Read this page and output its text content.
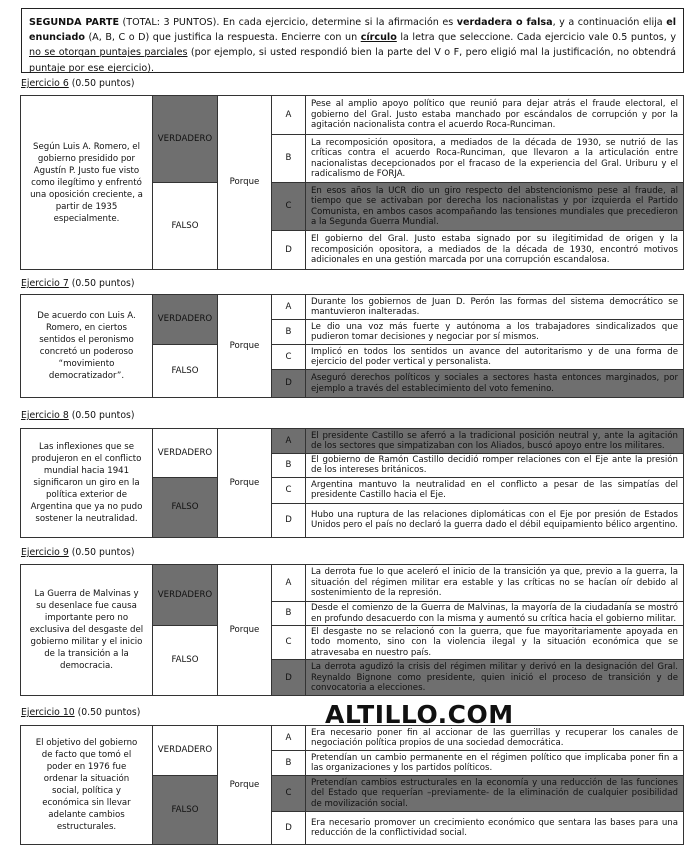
SEGUNDA PARTE (TOTAL: 3 PUNTOS). En cada ejercicio, determine si la afirmación es verdadera o falsa, y a continuación elija el enunciado (A, B, C o D) que justifica la respuesta. Encierre con un círculo la letra que seleccione. Cada ejercicio vale 0.5 puntos, y no se otorgan puntajes parciales (por ejemplo, si usted respondió bien la parte del V o F, pero eligió mal la justificación, no obtendrá puntaje por ese ejercicio).
Ejercicio 6 (0.50 puntos)
Según Luis A. Romero, el gobierno presidido por Agustín P. Justo fue visto como ilegítimo y enfrentó una oposición creciente, a partir de 1935 especialmente.	VERDADERO	Porque	A	Pese al amplio apoyo político que reunió para dejar atrás el fraude electoral, el gobierno del Gral. Justo estaba manchado por escándalos de corrupción y por la agitación nacionalista contra el acuerdo Roca-Runciman.
			B	La recomposición opositora, a mediados de la década de 1930, se nutrió de las críticas contra el acuerdo Roca-Runciman, que llevaron a la articulación entre nacionalistas decepcionados por el fracaso de la experiencia del Gral. Uriburu y el radicalismo de FORJA.
	FALSO		C	En esos años la UCR dio un giro respecto del abstencionismo pese al fraude, al tiempo que se activaban por derecha los nacionalistas y por izquierda el Partido Comunista, en ambos casos acompañando las tensiones mundiales que precedieron a la Segunda Guerra Mundial.
			D	El gobierno del Gral. Justo estaba signado por su ilegitimidad de origen y la recomposición opositora, a mediados de la década de 1930, encontró motivos adicionales en una gestión marcada por una corrupción escandalosa.
Ejercicio 7 (0.50 puntos)
De acuerdo con Luis A. Romero, en ciertos sentidos el peronismo concretó un poderoso “movimiento democratizador”.	VERDADERO	Porque	A	Durante los gobiernos de Juan D. Perón las formas del sistema democrático se mantuvieron inalteradas.
			B	Le dio una voz más fuerte y autónoma a los trabajadores sindicalizados que pudieron tomar decisiones y negociar por sí mismos.
	FALSO		C	Implicó en todos los sentidos un avance del autoritarismo y de una forma de ejercicio del poder vertical y personalista.
			D	Aseguró derechos políticos y sociales a sectores hasta entonces marginados, por ejemplo a través del establecimiento del voto femenino.
Ejercicio 8 (0.50 puntos)
Las inflexiones que se produjeron en el conflicto mundial hacia 1941 significaron un giro en la política exterior de Argentina que ya no pudo sostener la neutralidad.	VERDADERO	Porque	A	El presidente Castillo se aferró a la tradicional posición neutral y, ante la agitación de los sectores que simpatizaban con los Aliados, buscó apoyo entre los militares.
			B	El gobierno de Ramón Castillo decidió romper relaciones con el Eje ante la presión de los intereses británicos.
	FALSO		C	Argentina mantuvo la neutralidad en el conflicto a pesar de las simpatías del presidente Castillo hacia el Eje.
			D	Hubo una ruptura de las relaciones diplomáticas con el Eje por presión de Estados Unidos pero el país no declaró la guerra dado el débil equipamiento bélico argentino.
Ejercicio 9 (0.50 puntos)
La Guerra de Malvinas y su desenlace fue causa importante pero no exclusiva del desgaste del gobierno militar y el inicio de la transición a la democracia.	VERDADERO	Porque	A	La derrota fue lo que aceleró el inicio de la transición ya que, previo a la guerra, la situación del régimen militar era estable y las críticas no se hacían oír debido al sostenimiento de la represión.
			B	Desde el comienzo de la Guerra de Malvinas, la mayoría de la ciudadanía se mostró en profundo desacuerdo con la misma y aumentó su crítica hacia el gobierno militar.
	FALSO		C	El desgaste no se relacionó con la guerra, que fue mayoritariamente apoyada en todo momento, sino con la violencia ilegal y la situación económica que se atravesaba en nuestro país.
			D	La derrota agudizó la crisis del régimen militar y derivó en la designación del Gral. Reynaldo Bignone como presidente, quien inició el proceso de transición y de convocatoria a elecciones.
Ejercicio 10 (0.50 puntos)	ALTILLO.COM
El objetivo del gobierno de facto que tomó el poder en 1976 fue ordenar la situación social, política y económica sin llevar adelante cambios estructurales.	VERDADERO	Porque	A	Era necesario poner fin al accionar de las guerrillas y recuperar los canales de negociación política propios de una sociedad democrática.
			B	Pretendían un cambio permanente en el régimen político que implicaba poner fin a las organizaciones y los partidos políticos.
	FALSO		C	Pretendían cambios estructurales en la economía y una reducción de las funciones del Estado que requerían –previamente- de la eliminación de cualquier posibilidad de movilización social.
			D	Era necesario promover un crecimiento económico que sentara las bases para una reducción de la conflictividad social.
